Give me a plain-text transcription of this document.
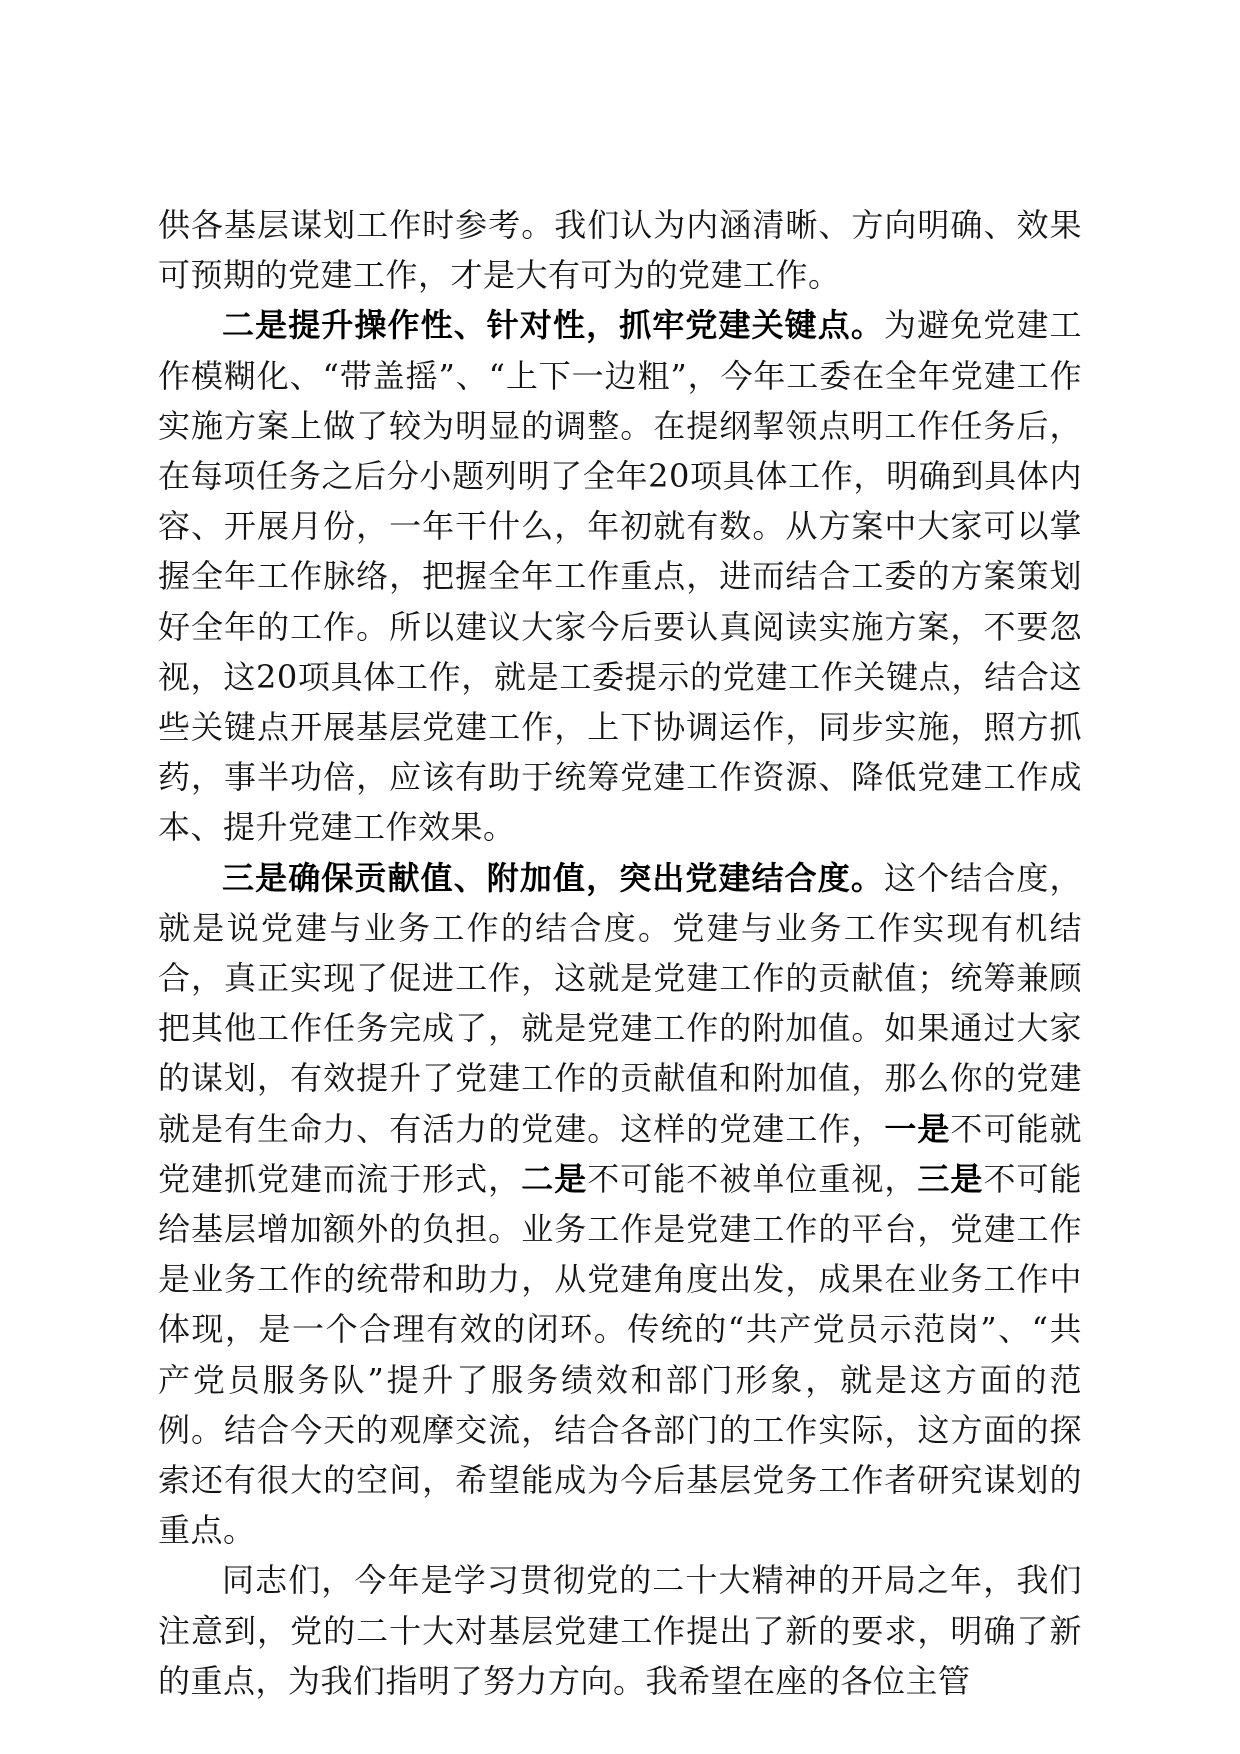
供各基层谋划工作时参考。我们认为内涵清晰、方向明确、效果可预期的党建工作，才是大有可为的党建工作。

二是提升操作性、针对性，抓牢党建关键点。为避免党建工作模糊化、“带盖摇”、“上下一边粗”，今年工委在全年党建工作实施方案上做了较为明显的调整。在提纲挈领点明工作任务后，在每项任务之后分小题列明了全年20项具体工作，明确到具体内容、开展月份，一年干什么，年初就有数。从方案中大家可以掌握全年工作脉络，把握全年工作重点，进而结合工委的方案策划好全年的工作。所以建议大家今后要认真阅读实施方案，不要忽视，这20项具体工作，就是工委提示的党建工作关键点，结合这些关键点开展基层党建工作，上下协调运作，同步实施，照方抓药，事半功倍，应该有助于统筹党建工作资源、降低党建工作成本、提升党建工作效果。

三是确保贡献值、附加值，突出党建结合度。这个结合度，就是说党建与业务工作的结合度。党建与业务工作实现有机结合，真正实现了促进工作，这就是党建工作的贡献值；统筹兼顾把其他工作任务完成了，就是党建工作的附加值。如果通过大家的谋划，有效提升了党建工作的贡献值和附加值，那么你的党建就是有生命力、有活力的党建。这样的党建工作，一是不可能就党建抓党建而流于形式，二是不可能不被单位重视，三是不可能给基层增加额外的负担。业务工作是党建工作的平台，党建工作是业务工作的统带和助力，从党建角度出发，成果在业务工作中体现，是一个合理有效的闭环。传统的“共产党员示范岗”、“共产党员服务队”提升了服务绩效和部门形象，就是这方面的范例。结合今天的观摩交流，结合各部门的工作实际，这方面的探索还有很大的空间，希望能成为今后基层党务工作者研究谋划的重点。

同志们，今年是学习贯彻党的二十大精神的开局之年，我们注意到，党的二十大对基层党建工作提出了新的要求，明确了新的重点，为我们指明了努力方向。我希望在座的各位主管
